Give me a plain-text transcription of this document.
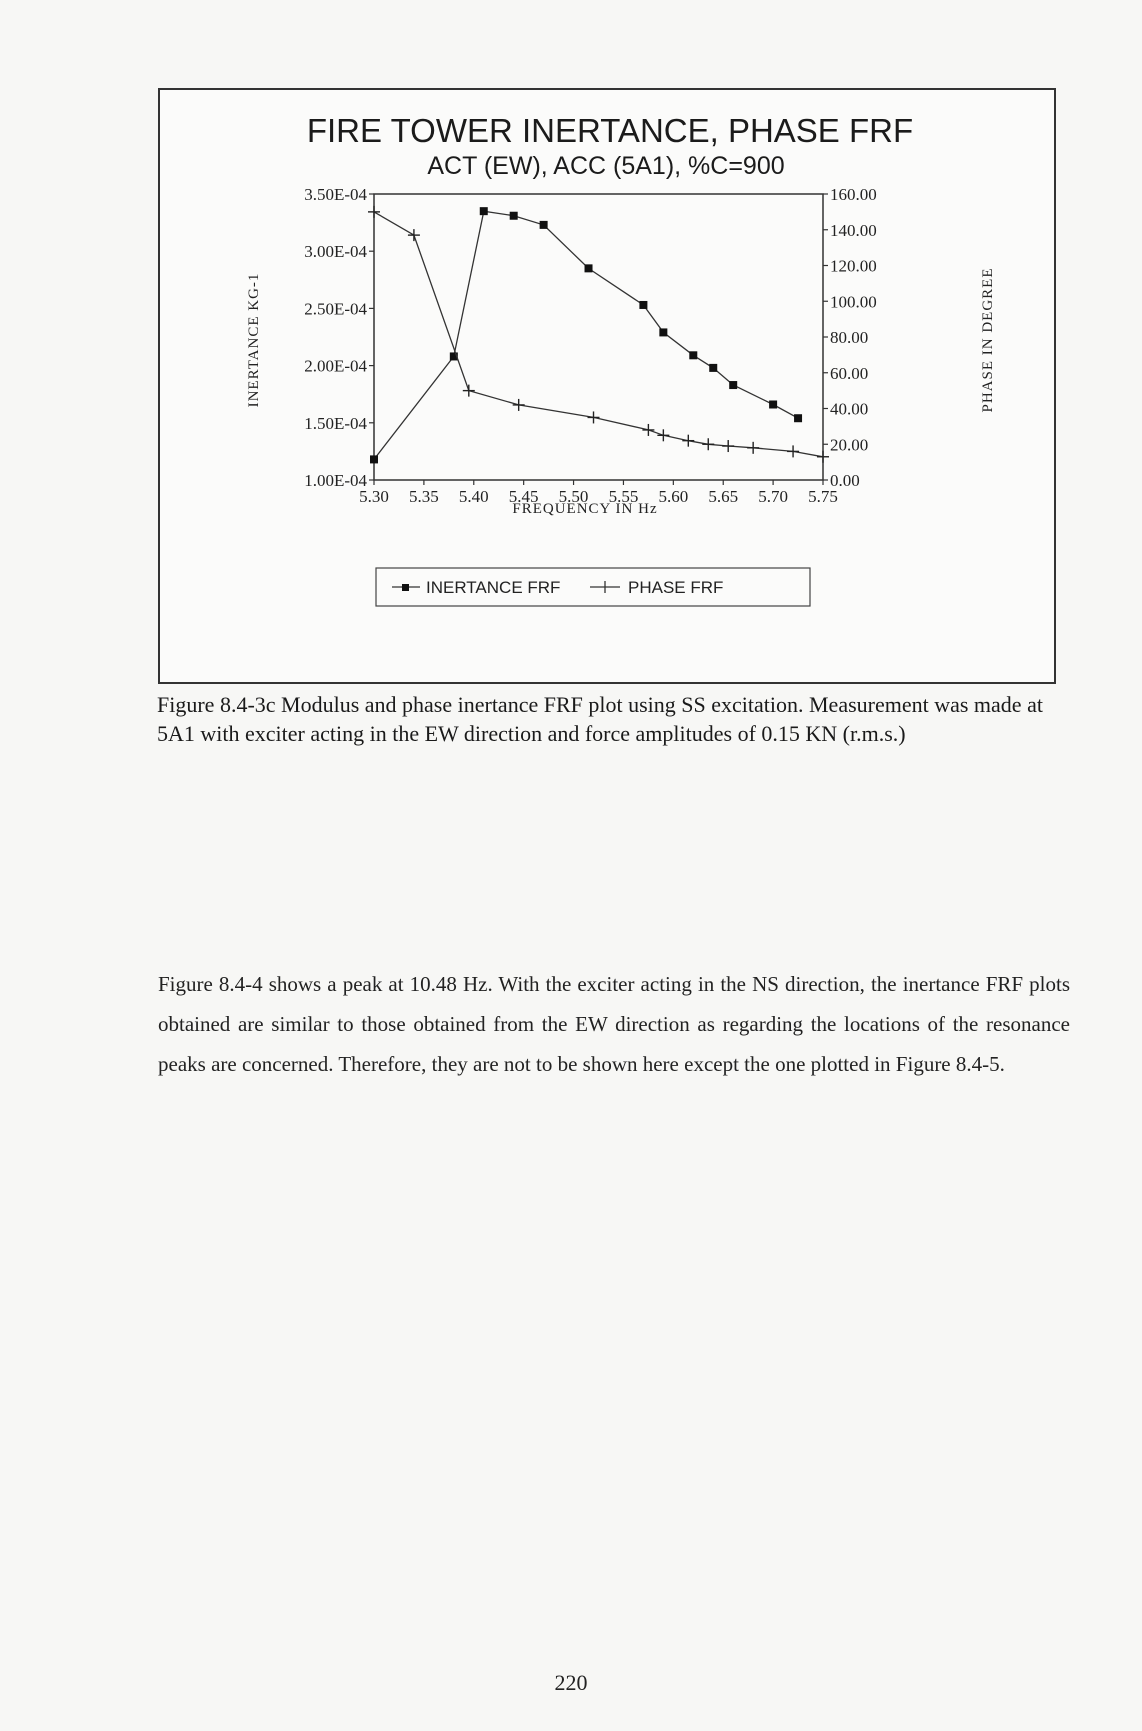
FIRE TOWER INERTANCE, PHASE FRF
ACT (EW), ACC (5A1), %C=900
5.30 5.35 5.40 5.45 5.50 5.55 5.60 5.65 5.70 5.75
3.50E-04
3.00E-04
2.50E-04
2.00E-04
1.50E-04
1.00E-04
160.00
140.00
120.00
100.00
80.00
60.00
40.00
20.00
0.00
FREQUENCY IN Hz
INERTANCE KG-1	PHASE IN DEGREE
INERTANCE FRF	PHASE FRF
Figure 8.4-3c Modulus and phase inertance FRF plot using SS excitation. Measurement was made at 5A1 with exciter acting in the EW direction and force amplitudes of 0.15 KN (r.m.s.)
Figure 8.4-4 shows a peak at 10.48 Hz. With the exciter acting in the NS direction, the inertance FRF plots obtained are similar to those obtained from the EW direction as regarding the locations of the resonance peaks are concerned. Therefore, they are not to be shown here except the one plotted in Figure 8.4-5.
220
